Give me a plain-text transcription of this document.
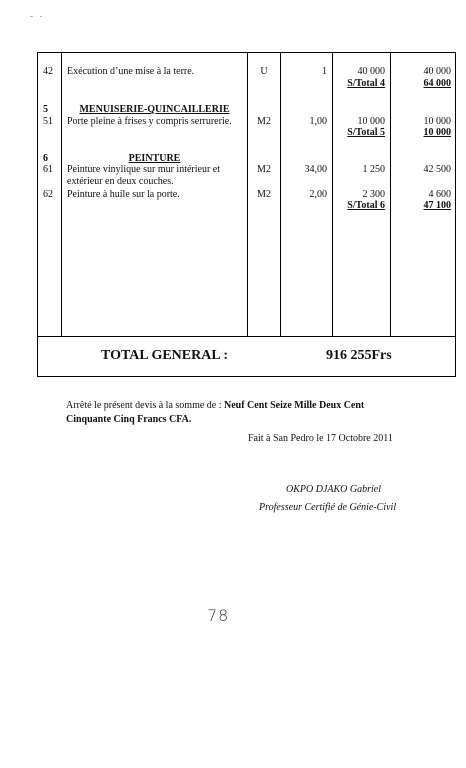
42 Exécution d’une mise à la terre.	U	1	40 000	40 000
S/Total 4	64 000
5	MENUISERIE-QUINCAILLERIE
51 Porte pleine à frises y compris serrurerie.	M2	1,00	10 000	10 000
S/Total 5	10 000
6	PEINTURE
61 Peinture vinylique sur mur intérieur et
extérieur en deux couches.
M2	34,00	1 250	42 500
62 Peinture à huile sur la porte.	M2	2,00	2 300	4 600
S/Total 6	47 100
TOTAL GENERAL :	916 255Frs
Arrêté le présent devis à la somme de : Neuf Cent Seize Mille Deux Cent
Cinquante Cinq Francs CFA.
Fait à San Pedro le 17 Octobre 2011
OKPO DJAKO Gabriel
Professeur Certifié de Génie-Civil
78
